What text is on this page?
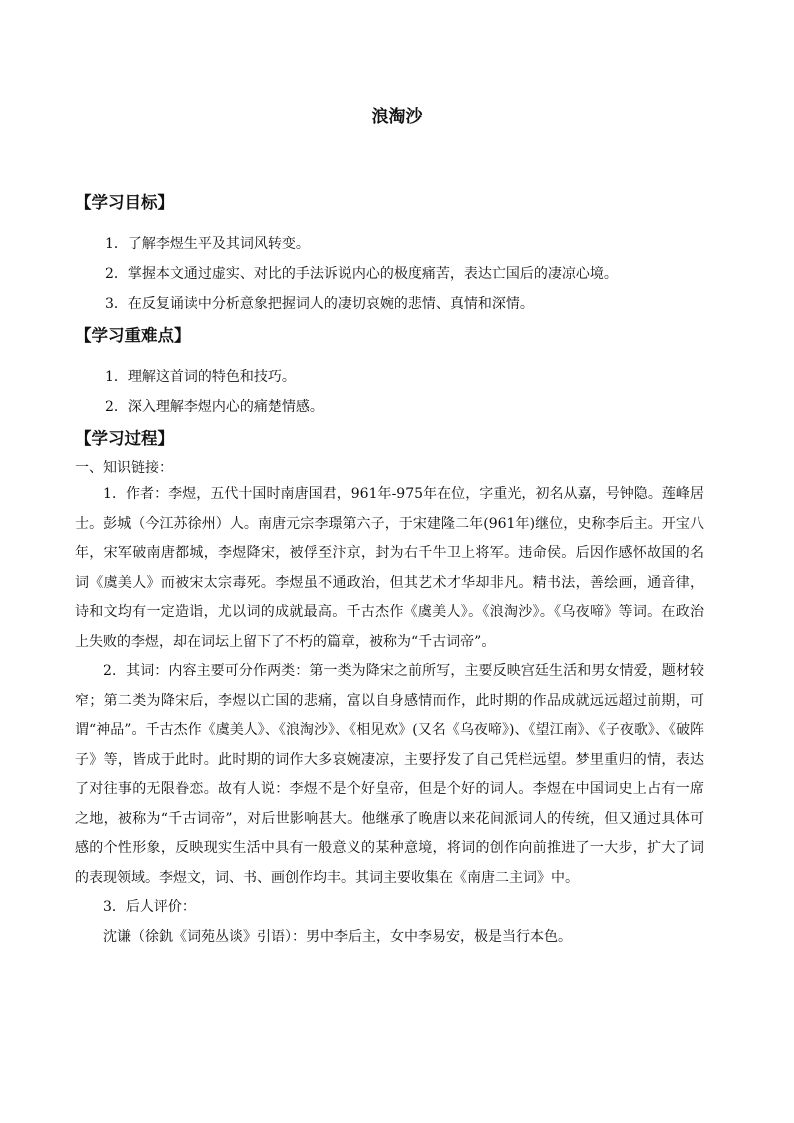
浪淘沙
【学习目标】
1．了解李煜生平及其词风转变。
2．掌握本文通过虚实、对比的手法诉说内心的极度痛苦，表达亡国后的凄凉心境。
3．在反复诵读中分析意象把握词人的凄切哀婉的悲情、真情和深情。
【学习重难点】
1．理解这首词的特色和技巧。
2．深入理解李煜内心的痛楚情感。
【学习过程】

一、知识链接：

1．作者：李煜，五代十国时南唐国君，961年-975年在位，字重光，初名从嘉，号钟隐。莲峰居士。彭城（今江苏徐州）人。南唐元宗李璟第六子，于宋建隆二年(961年)继位，史称李后主。开宝八年，宋军破南唐都城，李煜降宋，被俘至汴京，封为右千牛卫上将军。违命侯。后因作感怀故国的名词《虞美人》而被宋太宗毒死。李煜虽不通政治，但其艺术才华却非凡。精书法，善绘画，通音律，诗和文均有一定造诣，尤以词的成就最高。千古杰作《虞美人》。《浪淘沙》。《乌夜啼》等词。在政治上失败的李煜，却在词坛上留下了不朽的篇章，被称为“千古词帝”。

2．其词：内容主要可分作两类：第一类为降宋之前所写，主要反映宫廷生活和男女情爱，题材较窄；第二类为降宋后，李煜以亡国的悲痛，富以自身感情而作，此时期的作品成就远远超过前期，可谓“神品”。千古杰作《虞美人》、《浪淘沙》、《相见欢》(又名《乌夜啼》)、《望江南》、《子夜歌》、《破阵子》等，皆成于此时。此时期的词作大多哀婉凄凉，主要抒发了自己凭栏远望。梦里重归的情，表达了对往事的无限眷恋。故有人说：李煜不是个好皇帝，但是个好的词人。李煜在中国词史上占有一席之地，被称为“千古词帝”，对后世影响甚大。他继承了晚唐以来花间派词人的传统，但又通过具体可感的个性形象，反映现实生活中具有一般意义的某种意境，将词的创作向前推进了一大步，扩大了词的表现领域。李煜文，词、书、画创作均丰。其词主要收集在《南唐二主词》中。

3．后人评价：

沈谦（徐釚《词苑丛谈》引语）：男中李后主，女中李易安，极是当行本色。
